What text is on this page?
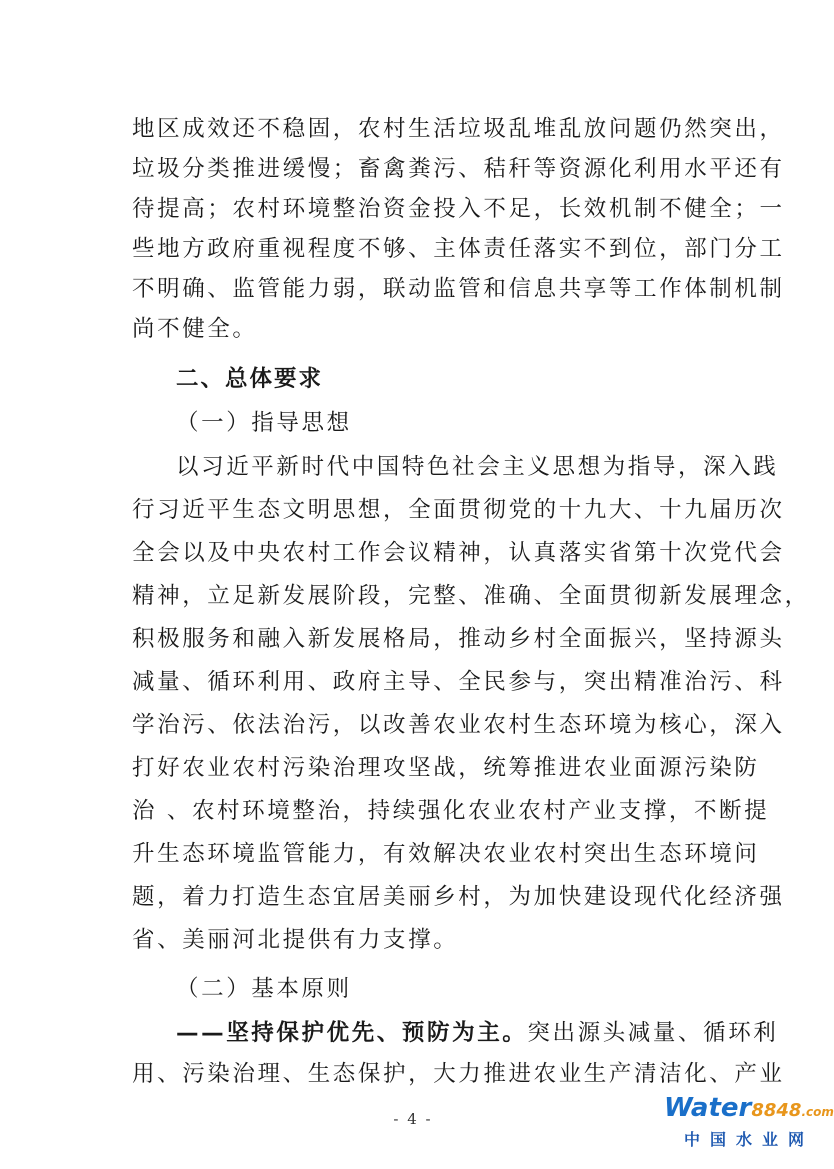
地区成效还不稳固，农村生活垃圾乱堆乱放问题仍然突出，
垃圾分类推进缓慢；畜禽粪污、秸秆等资源化利用水平还有
待提高；农村环境整治资金投入不足，长效机制不健全；一
些地方政府重视程度不够、主体责任落实不到位，部门分工
不明确、监管能力弱，联动监管和信息共享等工作体制机制
尚不健全。
二、总体要求
（一）指导思想
以习近平新时代中国特色社会主义思想为指导，深入践
行习近平生态文明思想，全面贯彻党的十九大、十九届历次
全会以及中央农村工作会议精神，认真落实省第十次党代会
精神，立足新发展阶段，完整、准确、全面贯彻新发展理念，
积极服务和融入新发展格局，推动乡村全面振兴，坚持源头
减量、循环利用、政府主导、全民参与，突出精准治污、科
学治污、依法治污，以改善农业农村生态环境为核心，深入
打好农业农村污染治理攻坚战，统筹推进农业面源污染防
治 、农村环境整治，持续强化农业农村产业支撑，不断提
升生态环境监管能力，有效解决农业农村突出生态环境问
题，着力打造生态宜居美丽乡村，为加快建设现代化经济强
省、美丽河北提供有力支撑。
（二）基本原则
——坚持保护优先、预防为主。突出源头减量、循环利
用、污染治理、生态保护，大力推进农业生产清洁化、产业
- 4 -	Water8848.com
中国水业网
